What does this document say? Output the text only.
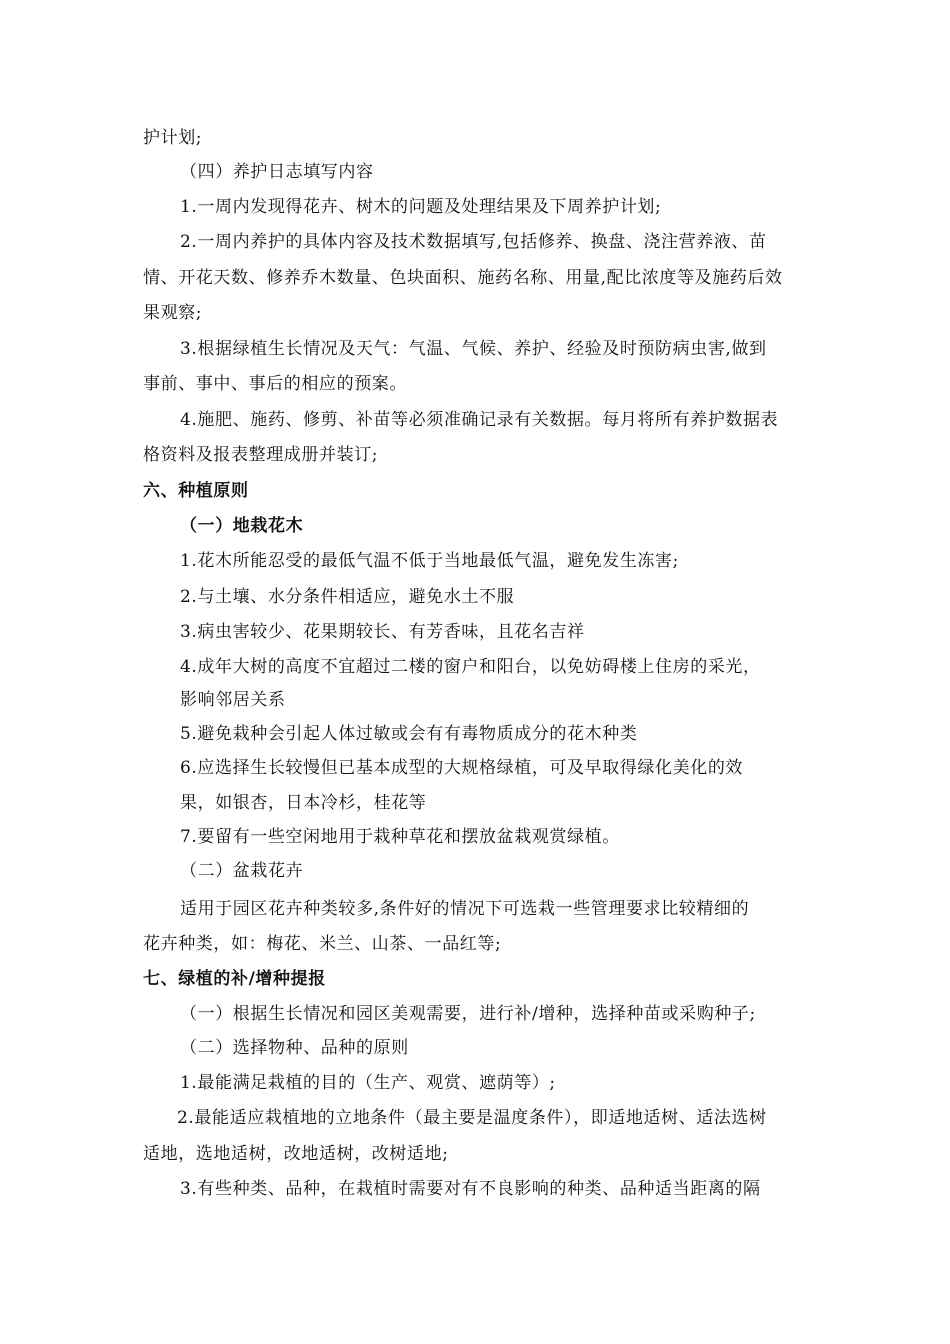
护计划;
（四）养护日志填写内容
1.一周内发现得花卉、树木的问题及处理结果及下周养护计划;
2.一周内养护的具体内容及技术数据填写,包括修养、换盘、浇注营养液、苗
情、开花天数、修养乔木数量、色块面积、施药名称、用量,配比浓度等及施药后效
果观察;
3.根据绿植生长情况及天气：气温、气候、养护、经验及时预防病虫害,做到
事前、事中、事后的相应的预案。
4.施肥、施药、修剪、补苗等必须准确记录有关数据。每月将所有养护数据表
格资料及报表整理成册并装订;
六、种植原则
（一）地栽花木
1.花木所能忍受的最低气温不低于当地最低气温，避免发生冻害;
2.与土壤、水分条件相适应，避免水土不服
3.病虫害较少、花果期较长、有芳香味，且花名吉祥
4.成年大树的高度不宜超过二楼的窗户和阳台，以免妨碍楼上住房的采光，
影响邻居关系
5.避免栽种会引起人体过敏或会有有毒物质成分的花木种类
6.应选择生长较慢但已基本成型的大规格绿植，可及早取得绿化美化的效
果，如银杏，日本冷杉，桂花等
7.要留有一些空闲地用于栽种草花和摆放盆栽观赏绿植。
（二）盆栽花卉
适用于园区花卉种类较多,条件好的情况下可选栽一些管理要求比较精细的
花卉种类，如：梅花、米兰、山茶、一品红等;
七、绿植的补/增种提报
（一）根据生长情况和园区美观需要，进行补/增种，选择种苗或采购种子;
（二）选择物种、品种的原则
1.最能满足栽植的目的（生产、观赏、遮荫等）;
2.最能适应栽植地的立地条件（最主要是温度条件），即适地适树、适法选树
适地，选地适树，改地适树，改树适地;
3.有些种类、品种，在栽植时需要对有不良影响的种类、品种适当距离的隔
